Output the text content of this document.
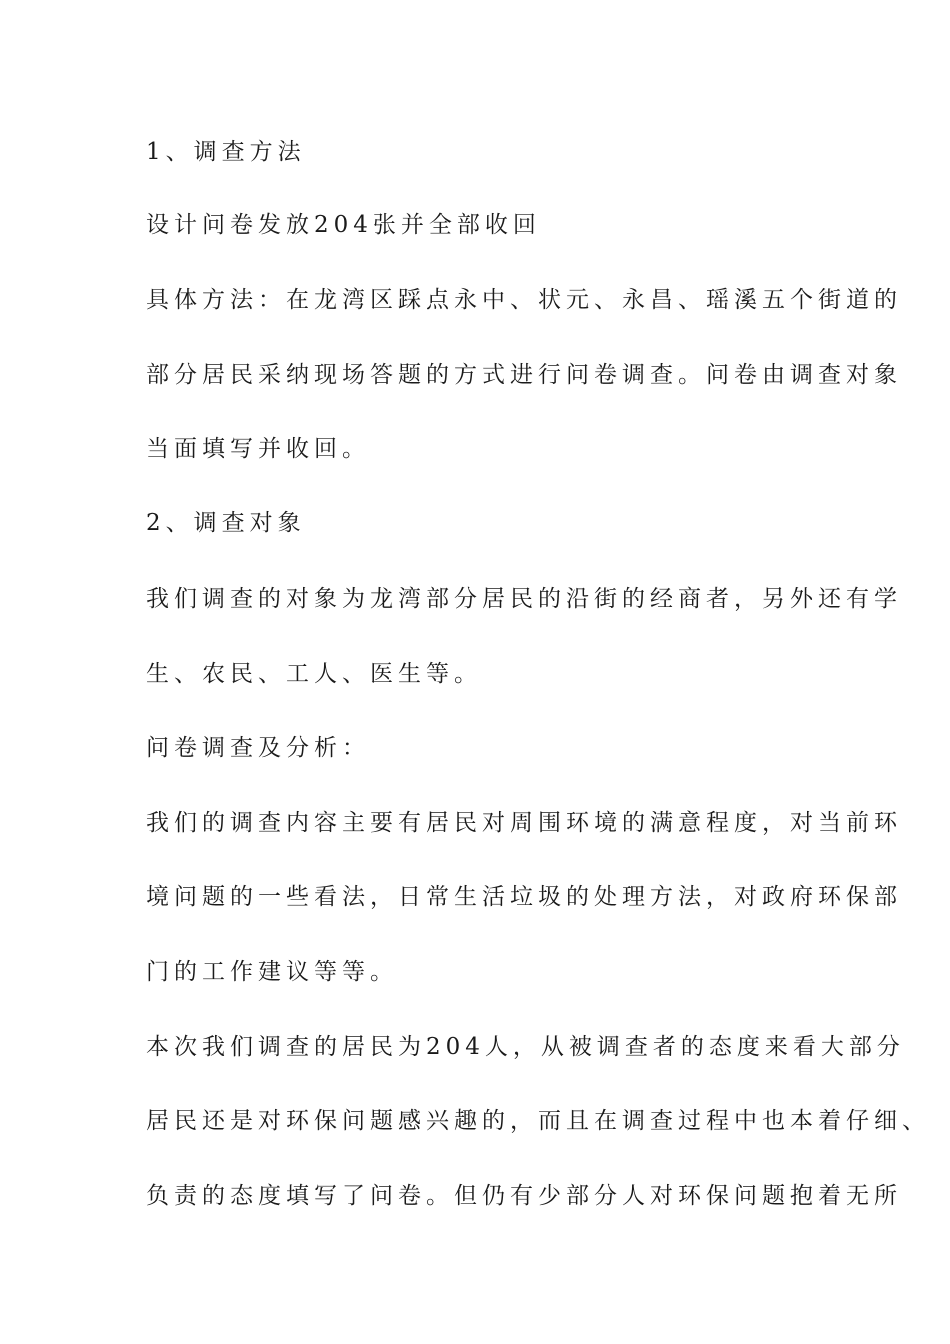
1、调查方法
设计问卷发放204张并全部收回
具体方法：在龙湾区踩点永中、状元、永昌、瑶溪五个街道的
部分居民采纳现场答题的方式进行问卷调查。问卷由调查对象
当面填写并收回。
2、调查对象
我们调查的对象为龙湾部分居民的沿街的经商者，另外还有学
生、农民、工人、医生等。
问卷调查及分析：
我们的调查内容主要有居民对周围环境的满意程度，对当前环
境问题的一些看法，日常生活垃圾的处理方法，对政府环保部
门的工作建议等等。
本次我们调查的居民为204人，从被调查者的态度来看大部分
居民还是对环保问题感兴趣的，而且在调查过程中也本着仔细、
负责的态度填写了问卷。但仍有少部分人对环保问题抱着无所
